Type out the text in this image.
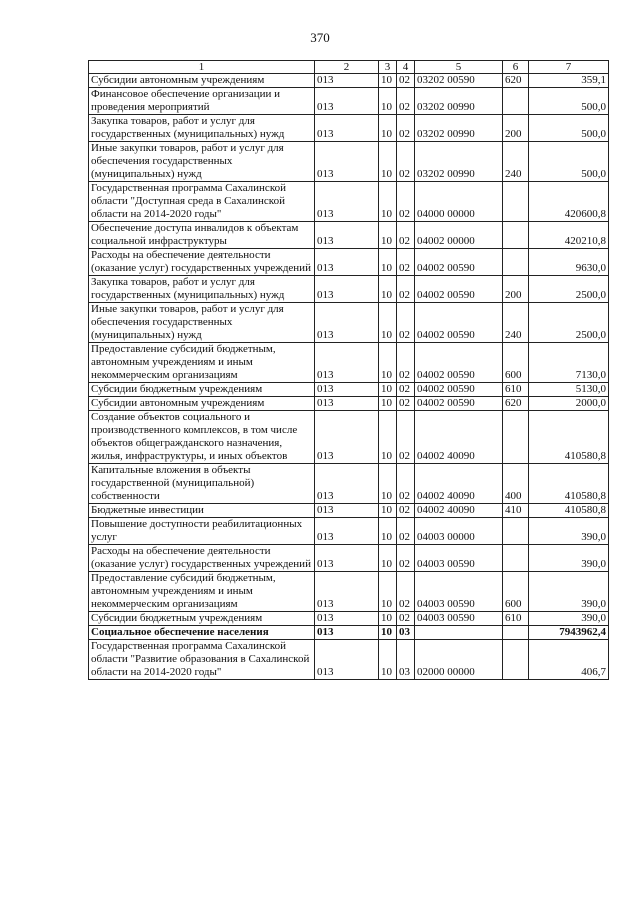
370
1	2	3	4	5	6	7
Субсидии автономным учреждениям	013	10	02	03202 00590	620	359,1
Финансовое обеспечение организации и проведения мероприятий	013	10	02	03202 00990		500,0
Закупка товаров, работ и услуг для государственных (муниципальных) нужд	013	10	02	03202 00990	200	500,0
Иные закупки товаров, работ и услуг для обеспечения государственных (муниципальных) нужд	013	10	02	03202 00990	240	500,0
Государственная программа Сахалинской области "Доступная среда в Сахалинской области на 2014-2020 годы"	013	10	02	04000 00000		420600,8
Обеспечение доступа инвалидов к объектам социальной инфраструктуры	013	10	02	04002 00000		420210,8
Расходы на обеспечение деятельности (оказание услуг) государственных учреждений	013	10	02	04002 00590		9630,0
Закупка товаров, работ и услуг для государственных (муниципальных) нужд	013	10	02	04002 00590	200	2500,0
Иные закупки товаров, работ и услуг для обеспечения государственных (муниципальных) нужд	013	10	02	04002 00590	240	2500,0
Предоставление субсидий бюджетным, автономным учреждениям и иным некоммерческим организациям	013	10	02	04002 00590	600	7130,0
Субсидии бюджетным учреждениям	013	10	02	04002 00590	610	5130,0
Субсидии автономным учреждениям	013	10	02	04002 00590	620	2000,0
Создание объектов социального и производственного комплексов, в том числе объектов общегражданского назначения, жилья, инфраструктуры, и иных объектов	013	10	02	04002 40090		410580,8
Капитальные вложения в объекты государственной (муниципальной) собственности	013	10	02	04002 40090	400	410580,8
Бюджетные инвестиции	013	10	02	04002 40090	410	410580,8
Повышение доступности реабилитационных услуг	013	10	02	04003 00000		390,0
Расходы на обеспечение деятельности (оказание услуг) государственных учреждений	013	10	02	04003 00590		390,0
Предоставление субсидий бюджетным, автономным учреждениям и иным некоммерческим организациям	013	10	02	04003 00590	600	390,0
Субсидии бюджетным учреждениям	013	10	02	04003 00590	610	390,0
Социальное обеспечение населения	013	10	03			7943962,4
Государственная программа Сахалинской области "Развитие образования в Сахалинской области на 2014-2020 годы"	013	10	03	02000 00000		406,7
